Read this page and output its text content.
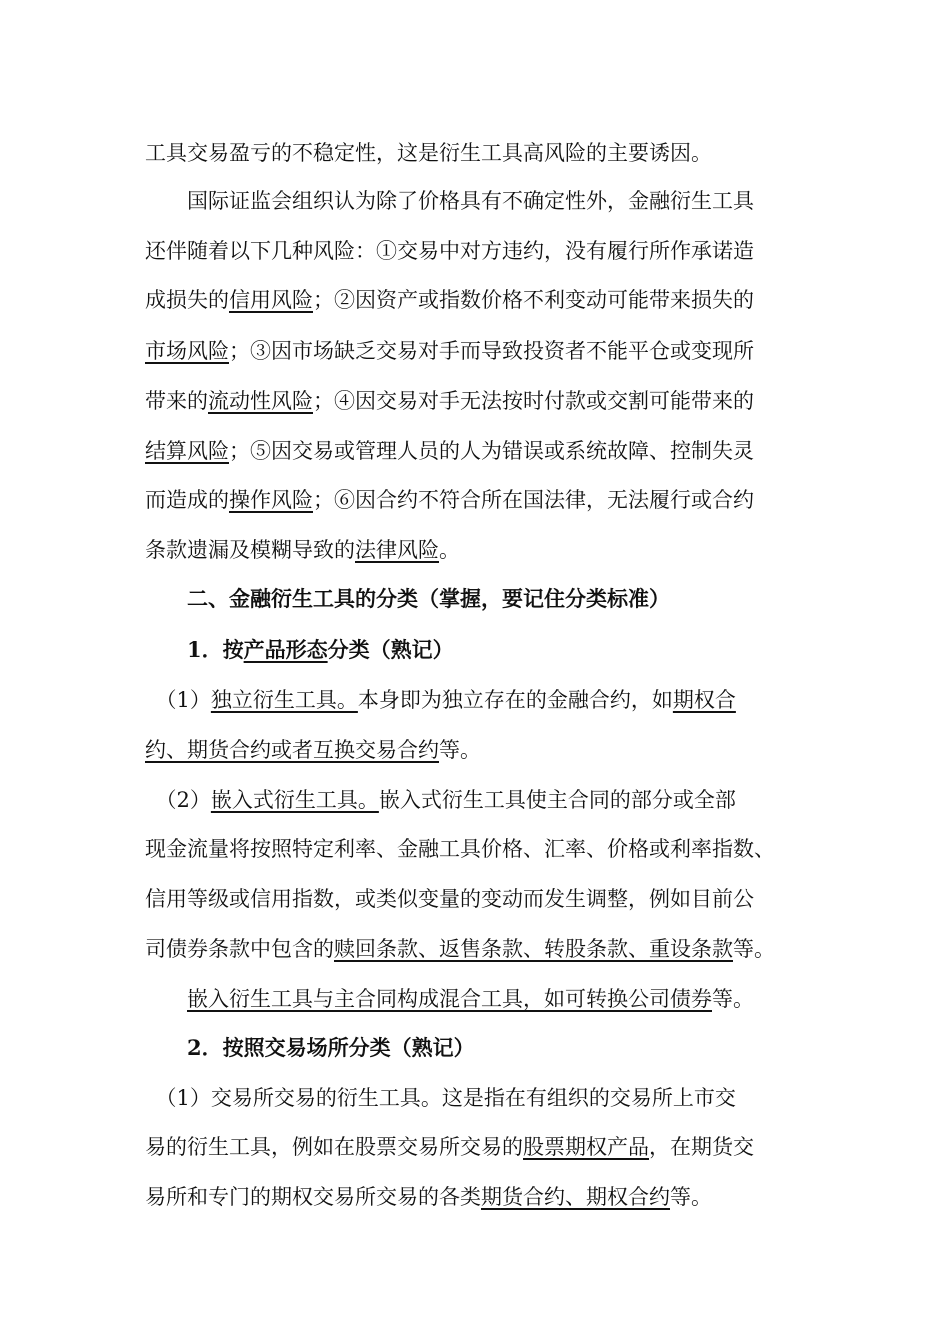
工具交易盈亏的不稳定性，这是衍生工具高风险的主要诱因。
　　国际证监会组织认为除了价格具有不确定性外，金融衍生工具
还伴随着以下几种风险：①交易中对方违约，没有履行所作承诺造
成损失的信用风险；②因资产或指数价格不利变动可能带来损失的
市场风险；③因市场缺乏交易对手而导致投资者不能平仓或变现所
带来的流动性风险；④因交易对手无法按时付款或交割可能带来的
结算风险；⑤因交易或管理人员的人为错误或系统故障、控制失灵
而造成的操作风险；⑥因合约不符合所在国法律，无法履行或合约
条款遗漏及模糊导致的法律风险。
　　二、金融衍生工具的分类（掌握，要记住分类标准）
　　1．按产品形态分类（熟记）
　（1）独立衍生工具。本身即为独立存在的金融合约，如期权合
约、期货合约或者互换交易合约等。
　（2）嵌入式衍生工具。嵌入式衍生工具使主合同的部分或全部
现金流量将按照特定利率、金融工具价格、汇率、价格或利率指数、
信用等级或信用指数，或类似变量的变动而发生调整，例如目前公
司债券条款中包含的赎回条款、返售条款、转股条款、重设条款等。
　　嵌入衍生工具与主合同构成混合工具，如可转换公司债券等。
　　2．按照交易场所分类（熟记）
　（1）交易所交易的衍生工具。这是指在有组织的交易所上市交
易的衍生工具，例如在股票交易所交易的股票期权产品，在期货交
易所和专门的期权交易所交易的各类期货合约、期权合约等。
